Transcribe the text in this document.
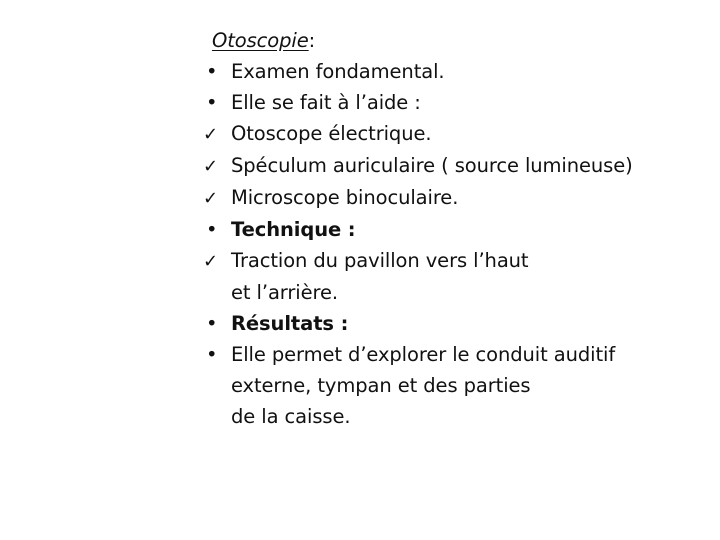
Otoscopie :
•
Examen fondamental.
•
Elle se fait à l’aide :
✓
Otoscope électrique.
✓
Spéculum auriculaire ( source lumineuse)
✓
Microscope binoculaire.
•
Technique :
✓
Traction du pavillon vers l’haut
et l’arrière.
•
Résultats :
•
Elle permet d’explorer le conduit auditif
externe, tympan et des parties
de la caisse.
